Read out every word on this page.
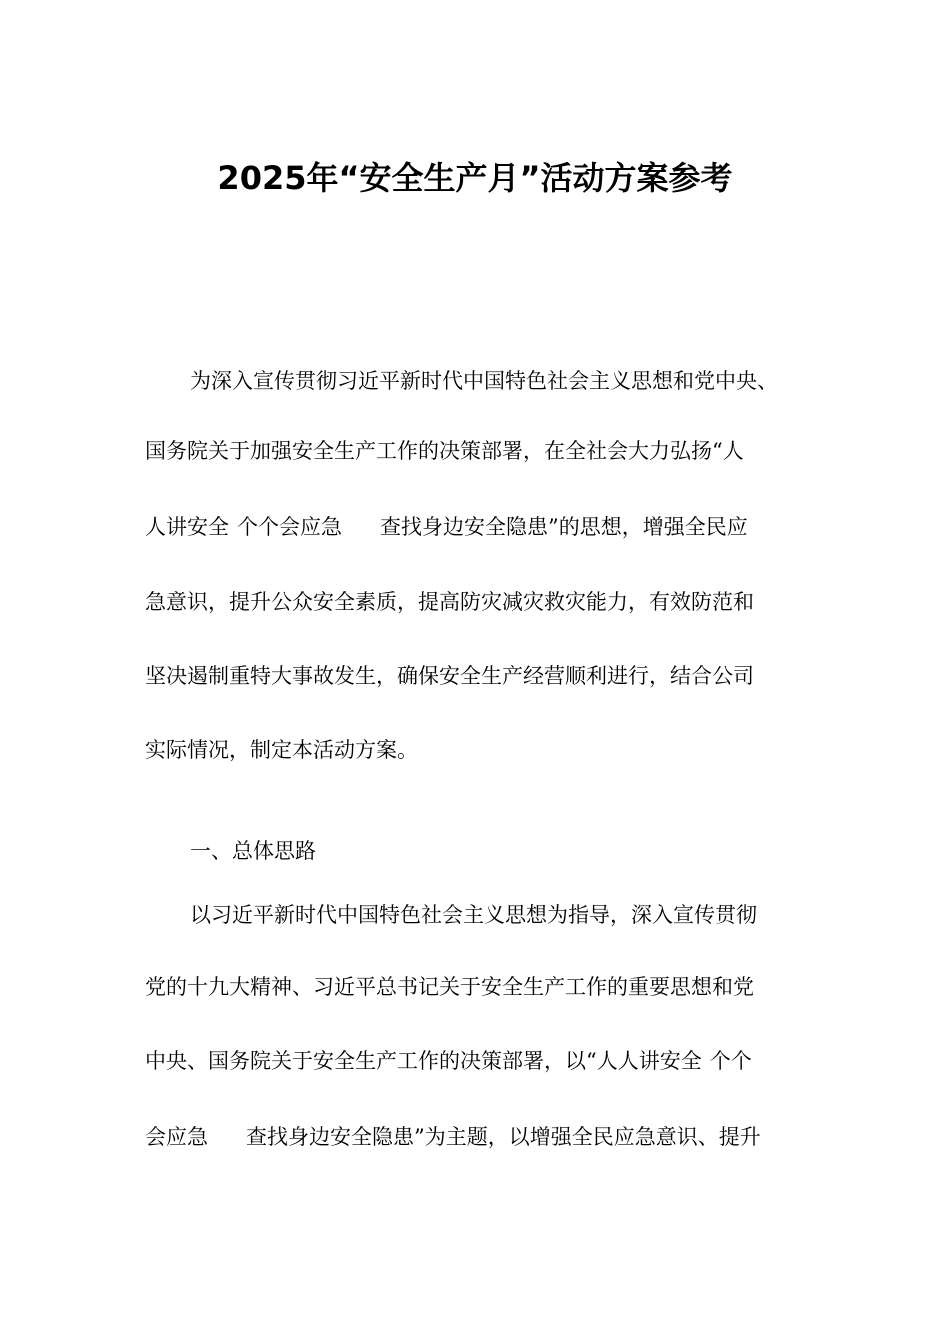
2025年“安全生产月”活动方案参考
为深入宣传贯彻习近平新时代中国特色社会主义思想和党中央、
国务院关于加强安全生产工作的决策部署，在全社会大力弘扬“人
人讲安全 个个会应急 查找身边安全隐患”的思想，增强全民应
急意识，提升公众安全素质，提高防灾减灾救灾能力，有效防范和
坚决遏制重特大事故发生，确保安全生产经营顺利进行，结合公司
实际情况，制定本活动方案。
一、总体思路
以习近平新时代中国特色社会主义思想为指导，深入宣传贯彻
党的十九大精神、习近平总书记关于安全生产工作的重要思想和党
中央、国务院关于安全生产工作的决策部署，以“人人讲安全 个个
会应急 查找身边安全隐患”为主题，以增强全民应急意识、提升
